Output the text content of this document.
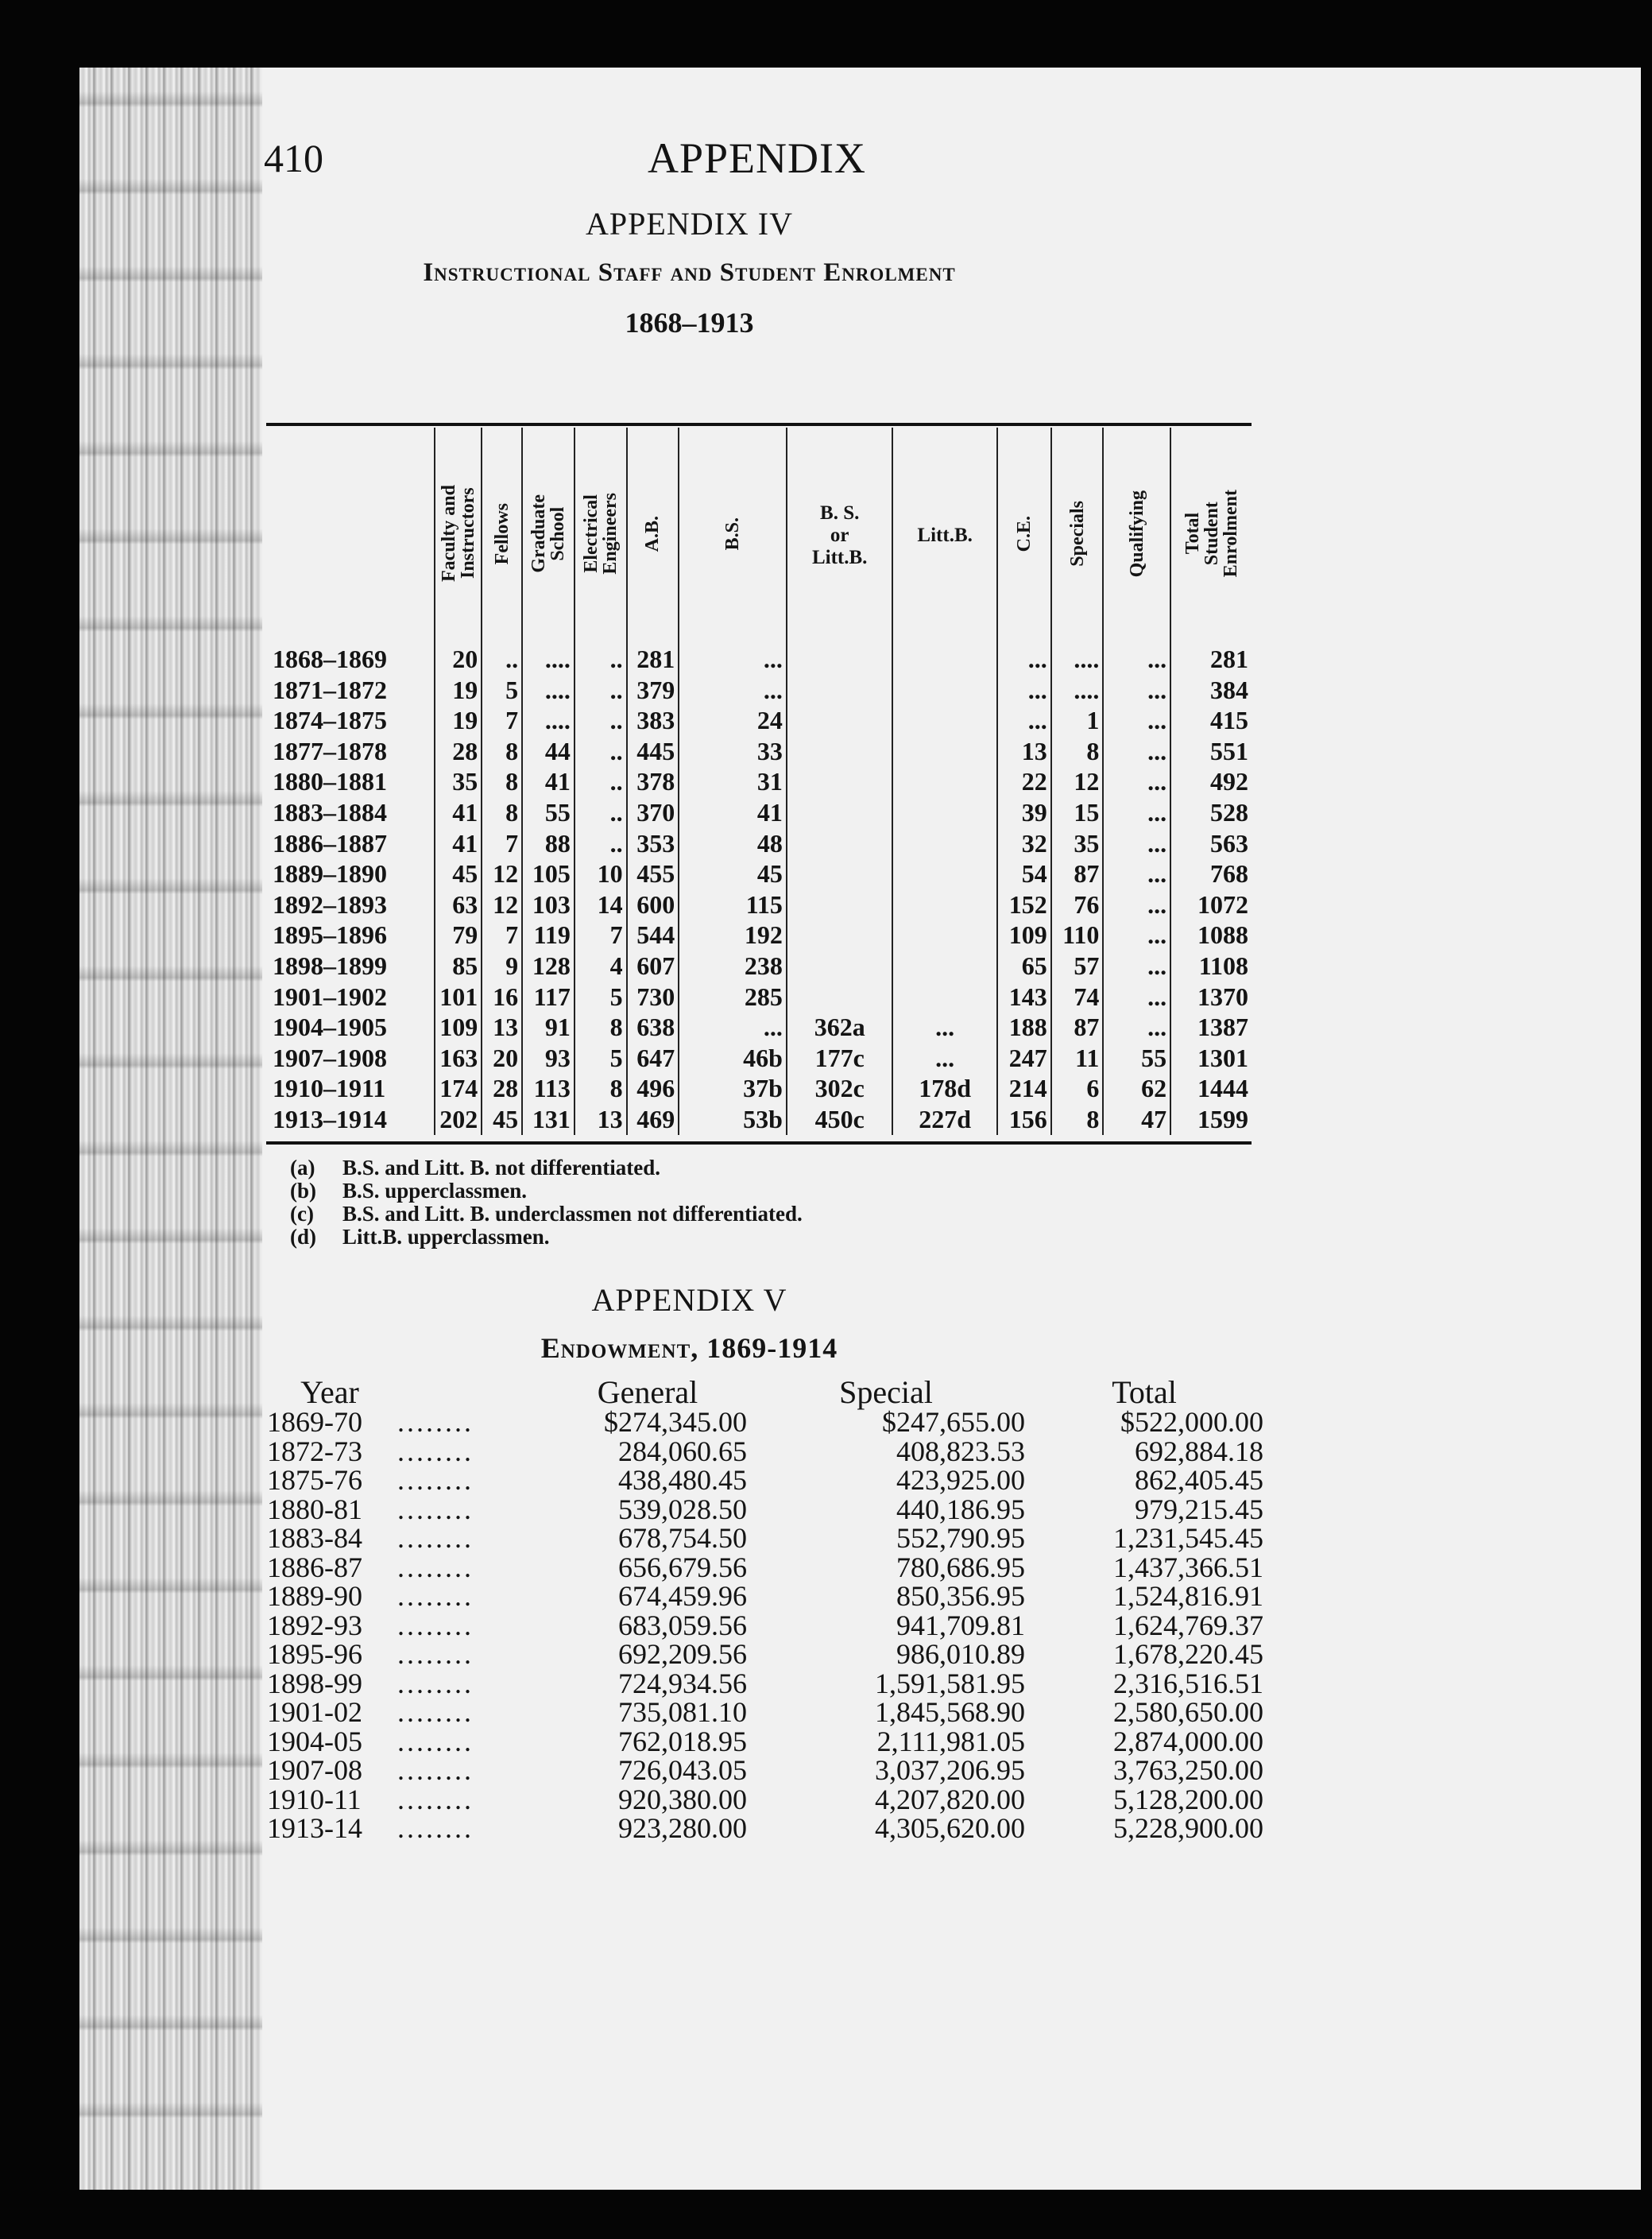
410	APPENDIX
APPENDIX IV
Instructional Staff and Student Enrolment
1868–1913
	Faculty and
Instructors	Fellows	Graduate
School	Electrical
Engineers	A.B.	B.S.	B. S.
or
Litt.B.	Litt.B.	C.E.	Specials	Qualifying	Total
Student
Enrolment
1868–1869	20	..	....	..	281	...			...	....	...	281
1871–1872	19	5	....	..	379	...			...	....	...	384
1874–1875	19	7	....	..	383	24			...	1	...	415
1877–1878	28	8	44	..	445	33			13	8	...	551
1880–1881	35	8	41	..	378	31			22	12	...	492
1883–1884	41	8	55	..	370	41			39	15	...	528
1886–1887	41	7	88	..	353	48			32	35	...	563
1889–1890	45	12	105	10	455	45			54	87	...	768
1892–1893	63	12	103	14	600	115			152	76	...	1072
1895–1896	79	7	119	7	544	192			109	110	...	1088
1898–1899	85	9	128	4	607	238			65	57	...	1108
1901–1902	101	16	117	5	730	285			143	74	...	1370
1904–1905	109	13	91	8	638	...	362a	...	188	87	...	1387
1907–1908	163	20	93	5	647	46b	177c	...	247	11	55	1301
1910–1911	174	28	113	8	496	37b	302c	178d	214	6	62	1444
1913–1914	202	45	131	13	469	53b	450c	227d	156	8	47	1599
(a) B.S. and Litt. B. not differentiated.
(b) B.S. upperclassmen.
(c) B.S. and Litt. B. underclassmen not differentiated.
(d) Litt.B. upperclassmen.
APPENDIX V
Endowment, 1869-1914
Year		General	Special	Total
1869-70	........	$274,345.00	$247,655.00	$522,000.00
1872-73	........	284,060.65	408,823.53	692,884.18
1875-76	........	438,480.45	423,925.00	862,405.45
1880-81	........	539,028.50	440,186.95	979,215.45
1883-84	........	678,754.50	552,790.95	1,231,545.45
1886-87	........	656,679.56	780,686.95	1,437,366.51
1889-90	........	674,459.96	850,356.95	1,524,816.91
1892-93	........	683,059.56	941,709.81	1,624,769.37
1895-96	........	692,209.56	986,010.89	1,678,220.45
1898-99	........	724,934.56	1,591,581.95	2,316,516.51
1901-02	........	735,081.10	1,845,568.90	2,580,650.00
1904-05	........	762,018.95	2,111,981.05	2,874,000.00
1907-08	........	726,043.05	3,037,206.95	3,763,250.00
1910-11	........	920,380.00	4,207,820.00	5,128,200.00
1913-14	........	923,280.00	4,305,620.00	5,228,900.00
